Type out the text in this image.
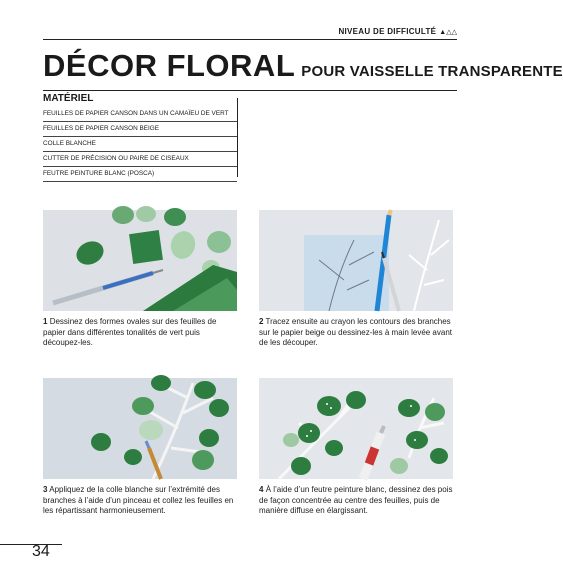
NIVEAU DE DIFFICULTÉ ▲△△
DÉCOR FLORAL POUR VAISSELLE TRANSPARENTE
MATÉRIEL
FEUILLES DE PAPIER CANSON DANS UN CAMAÏEU DE VERT
FEUILLES DE PAPIER CANSON BEIGE
COLLE BLANCHE
CUTTER DE PRÉCISION OU PAIRE DE CISEAUX
FEUTRE PEINTURE BLANC (POSCA)
1 Dessinez des formes ovales sur des feuilles de papier dans différentes tonalités de vert puis découpez-les.
2 Tracez ensuite au crayon les contours des branches sur le papier beige ou dessinez-les à main levée avant de les découper.
3 Appliquez de la colle blanche sur l’extrémité des branches à l’aide d’un pinceau et collez les feuilles en les répartissant harmonieusement.
4 À l’aide d’un feutre peinture blanc, dessinez des pois de façon concentrée au centre des feuilles, puis de manière diffuse en élargissant.
34
